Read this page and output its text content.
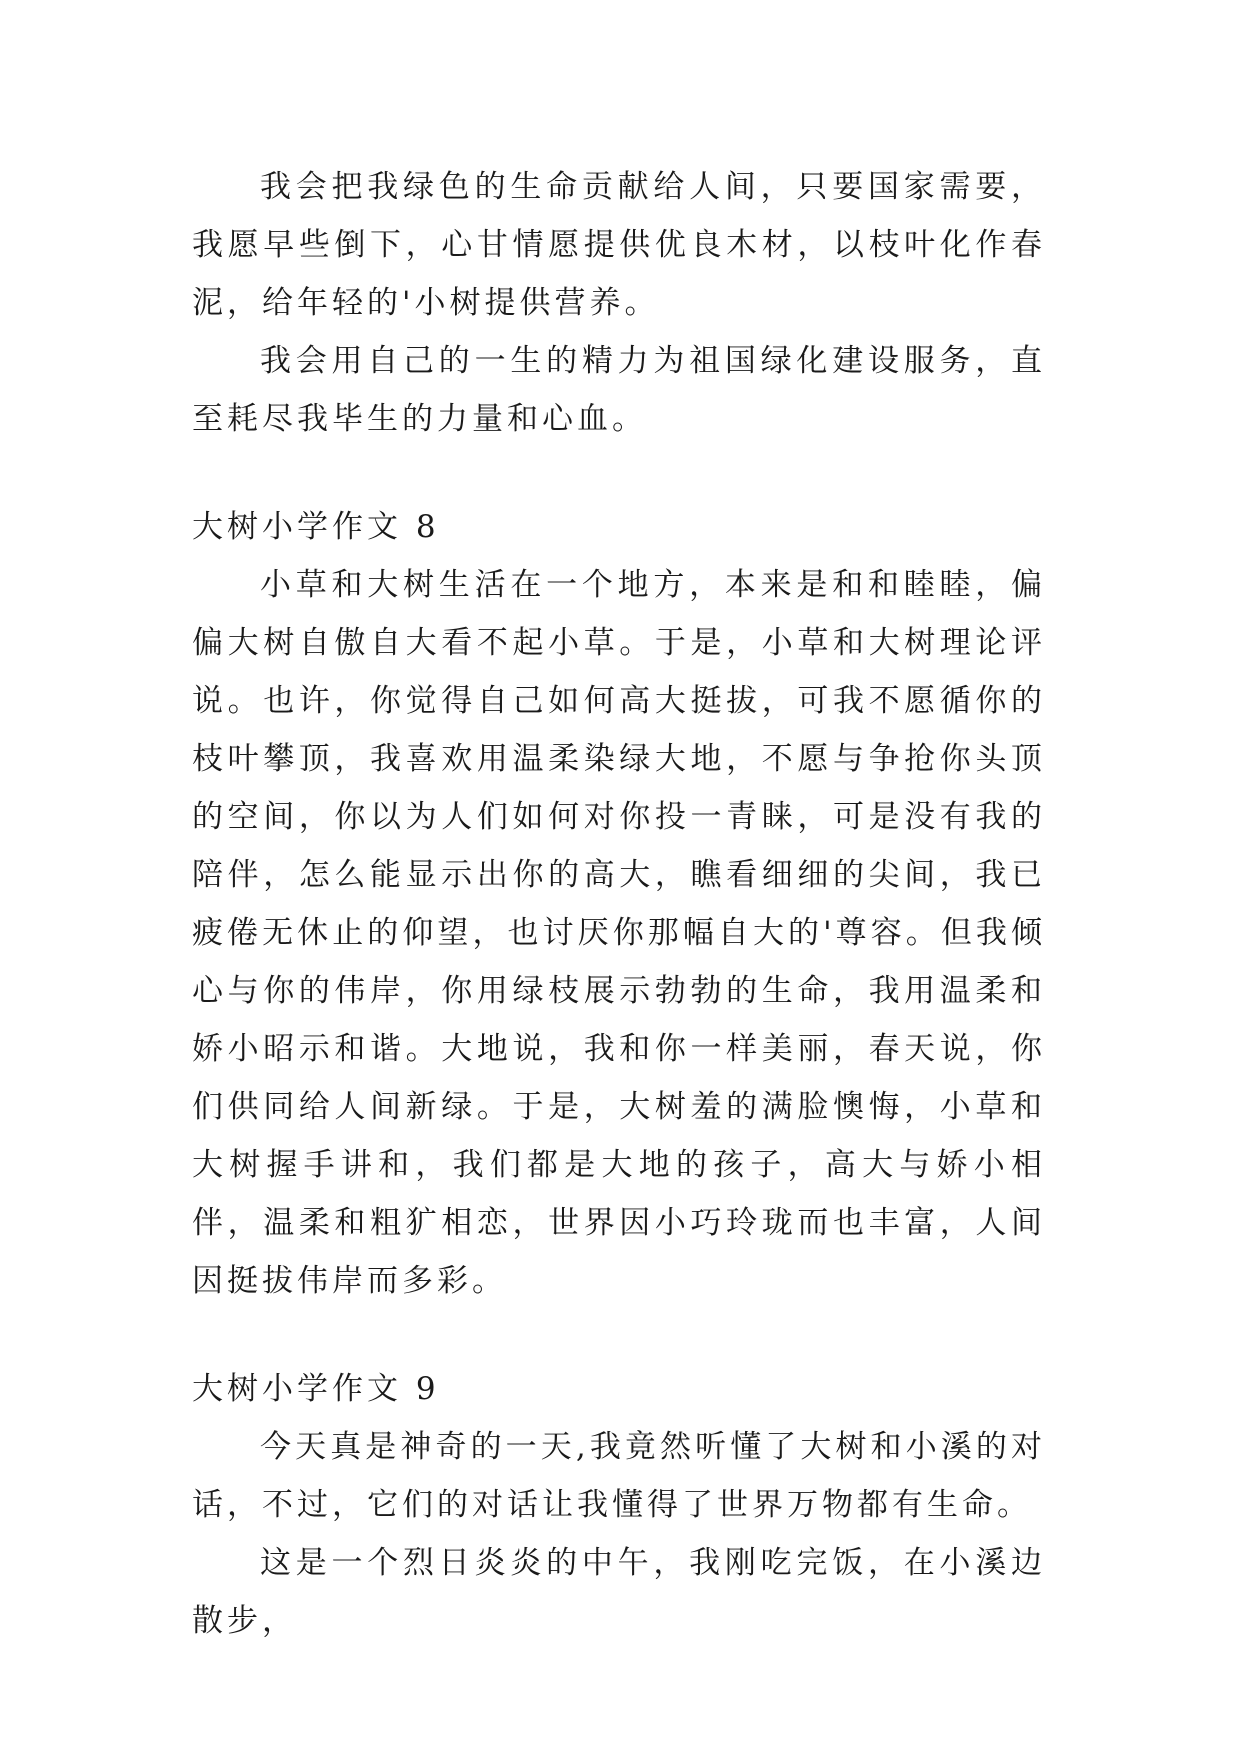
我会把我绿色的生命贡献给人间，只要国家需要，我愿早些倒下，心甘情愿提供优良木材，以枝叶化作春泥，给年轻的'小树提供营养。

我会用自己的一生的精力为祖国绿化建设服务，直至耗尽我毕生的力量和心血。

大树小学作文 8

小草和大树生活在一个地方，本来是和和睦睦，偏偏大树自傲自大看不起小草。于是，小草和大树理论评说。也许，你觉得自己如何高大挺拔，可我不愿循你的枝叶攀顶，我喜欢用温柔染绿大地，不愿与争抢你头顶的空间，你以为人们如何对你投一青睐，可是没有我的陪伴，怎么能显示出你的高大，瞧看细细的尖间，我已疲倦无休止的仰望，也讨厌你那幅自大的'尊容。但我倾心与你的伟岸，你用绿枝展示勃勃的生命，我用温柔和娇小昭示和谐。大地说，我和你一样美丽，春天说，你们供同给人间新绿。于是，大树羞的满脸懊悔，小草和大树握手讲和，我们都是大地的孩子，高大与娇小相伴，温柔和粗犷相恋，世界因小巧玲珑而也丰富，人间因挺拔伟岸而多彩。

大树小学作文 9

今天真是神奇的一天,我竟然听懂了大树和小溪的对话，不过，它们的对话让我懂得了世界万物都有生命。

这是一个烈日炎炎的中午，我刚吃完饭，在小溪边散步，
